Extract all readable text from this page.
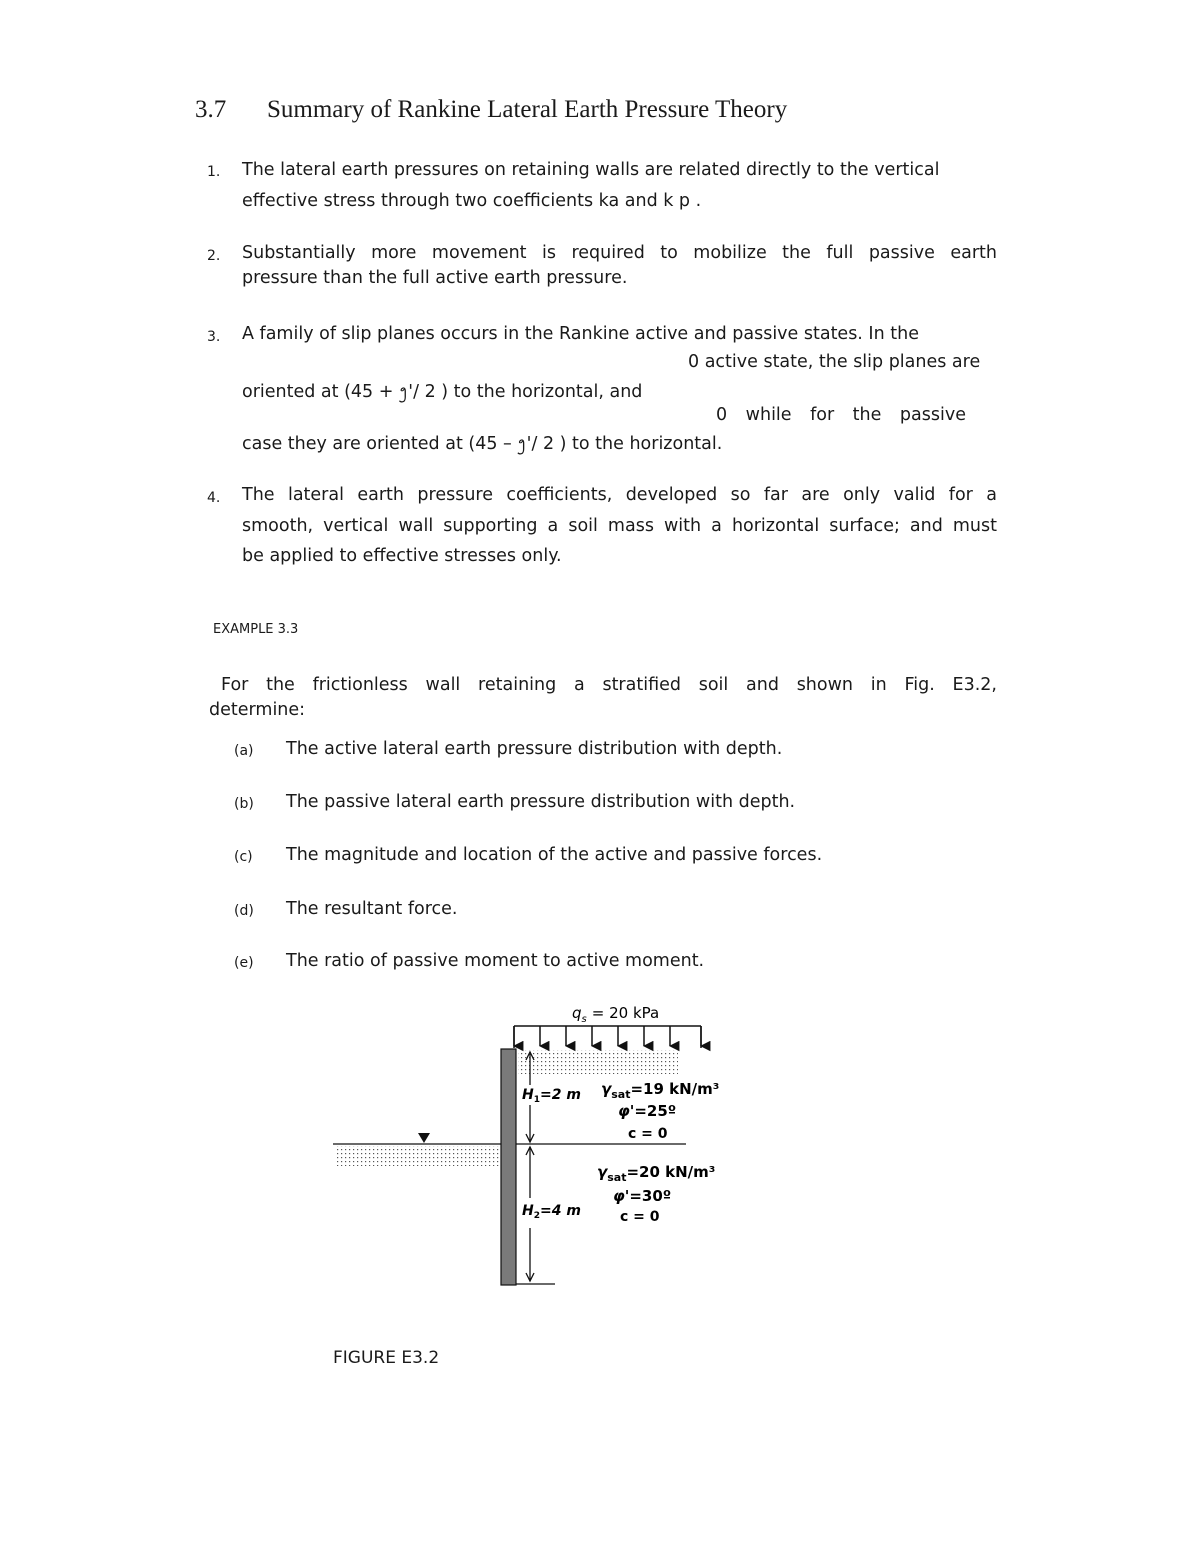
3.7 Summary of Rankine Lateral Earth Pressure Theory
1. The lateral earth pressures on retaining walls are related directly to the vertical
effective stress through two coefficients ka and k p .
2. Substantially more movement is required to mobilize the full passive earth
pressure than the full active earth pressure.
3. A family of slip planes occurs in the Rankine active and passive states. In the
0 active state, the slip planes are
oriented at (45 + ᪂'/ 2 ) to the horizontal, and
0 while for the passive
case they are oriented at (45 – ᪂'/ 2 ) to the horizontal.
4. The lateral earth pressure coefficients, developed so far are only valid for a
smooth, vertical wall supporting a soil mass with a horizontal surface; and must
be applied to effective stresses only.
EXAMPLE 3.3
For the frictionless wall retaining a stratified soil and shown in Fig. E3.2,
determine:
(a) The active lateral earth pressure distribution with depth.
(b) The passive lateral earth pressure distribution with depth.
(c) The magnitude and location of the active and passive forces.
(d) The resultant force.
(e) The ratio of passive moment to active moment.
$q_s = 20$ kPa
$H_1=2$ m
$H_2=4$ m
$\gamma_{sat}=19$ kN/m³
φ'=25º
c = 0
$\gamma_{sat}=20$ kN/m³
φ'=30º
c = 0
FIGURE E3.2
